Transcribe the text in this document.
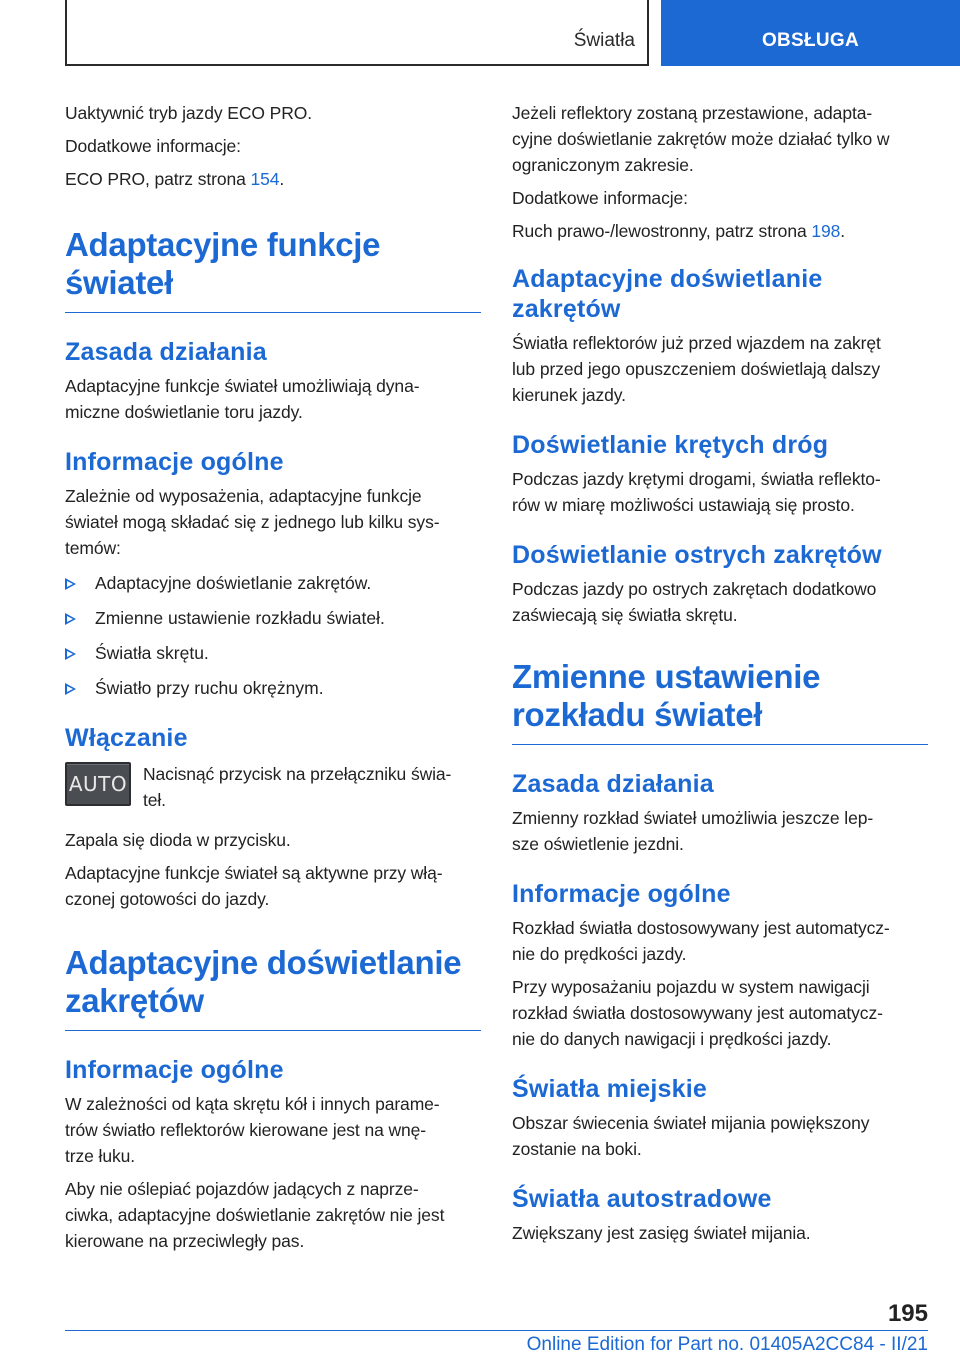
Światła	OBSŁUGA
Uaktywnić tryb jazdy ECO PRO.
Dodatkowe informacje:
ECO PRO, patrz strona 154.
Adaptacyjne funkcje
świateł
Zasada działania
Adaptacyjne funkcje świateł umożliwiają dyna-
miczne doświetlanie toru jazdy.
Informacje ogólne
Zależnie od wyposażenia, adaptacyjne funkcje
świateł mogą składać się z jednego lub kilku sys-
temów:
Adaptacyjne doświetlanie zakrętów.
Zmienne ustawienie rozkładu świateł.
Światła skrętu.
Światło przy ruchu okrężnym.
Włączanie
AUTO Nacisnąć przycisk na przełączniku świa-
teł.
Zapala się dioda w przycisku.
Adaptacyjne funkcje świateł są aktywne przy włą-
czonej gotowości do jazdy.
Adaptacyjne doświetlanie
zakrętów
Informacje ogólne
W zależności od kąta skrętu kół i innych parame-
trów światło reflektorów kierowane jest na wnę-
trze łuku.
Aby nie oślepiać pojazdów jadących z naprze-
ciwka, adaptacyjne doświetlanie zakrętów nie jest
kierowane na przeciwległy pas.
Jeżeli reflektory zostaną przestawione, adapta-
cyjne doświetlanie zakrętów może działać tylko w
ograniczonym zakresie.
Dodatkowe informacje:
Ruch prawo-/lewostronny, patrz strona 198.
Adaptacyjne doświetlanie
zakrętów
Światła reflektorów już przed wjazdem na zakręt
lub przed jego opuszczeniem doświetlają dalszy
kierunek jazdy.
Doświetlanie krętych dróg
Podczas jazdy krętymi drogami, światła reflekto-
rów w miarę możliwości ustawiają się prosto.
Doświetlanie ostrych zakrętów
Podczas jazdy po ostrych zakrętach dodatkowo
zaświecają się światła skrętu.
Zmienne ustawienie
rozkładu świateł
Zasada działania
Zmienny rozkład świateł umożliwia jeszcze lep-
sze oświetlenie jezdni.
Informacje ogólne
Rozkład światła dostosowywany jest automatycz-
nie do prędkości jazdy.
Przy wyposażaniu pojazdu w system nawigacji
rozkład światła dostosowywany jest automatycz-
nie do danych nawigacji i prędkości jazdy.
Światła miejskie
Obszar świecenia świateł mijania powiększony
zostanie na boki.
Światła autostradowe
Zwiększany jest zasięg świateł mijania.
195
Online Edition for Part no. 01405A2CC84 - II/21
